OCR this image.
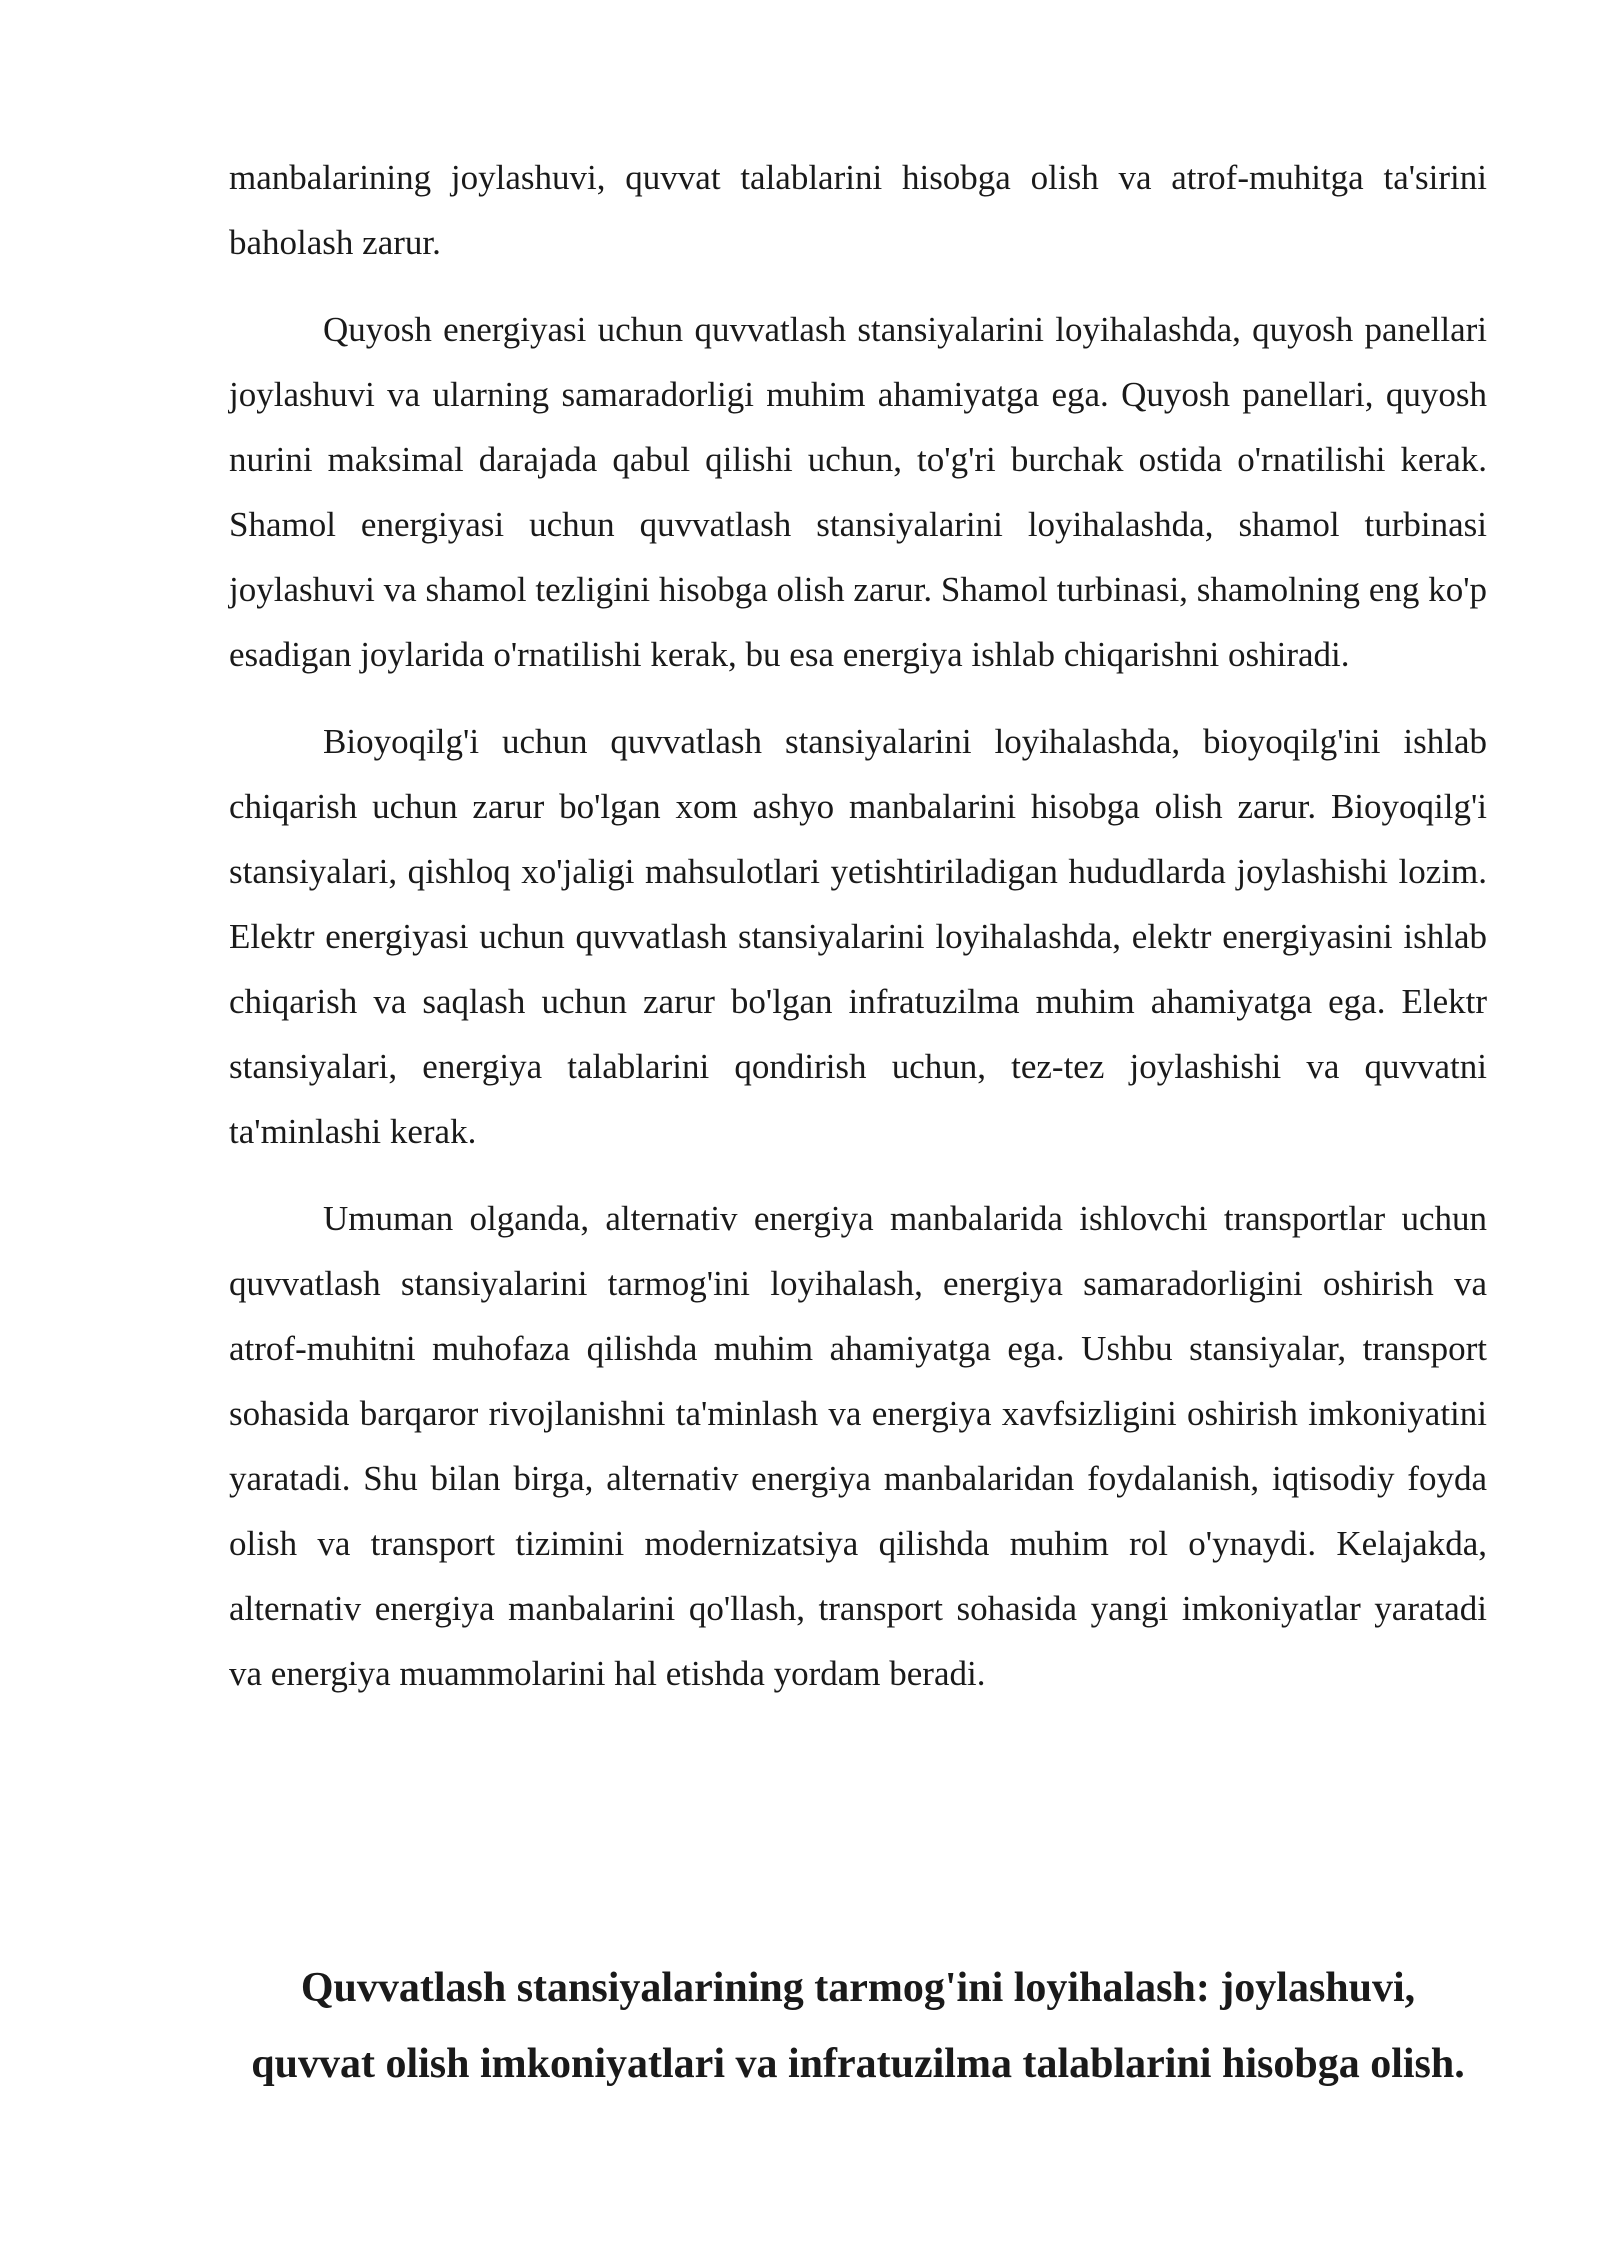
manbalarining joylashuvi, quvvat talablarini hisobga olish va atrof-muhitga ta'sirini baholash zarur.

Quyosh energiyasi uchun quvvatlash stansiyalarini loyihalashda, quyosh panellari joylashuvi va ularning samaradorligi muhim ahamiyatga ega. Quyosh panellari, quyosh nurini maksimal darajada qabul qilishi uchun, to'g'ri burchak ostida o'rnatilishi kerak. Shamol energiyasi uchun quvvatlash stansiyalarini loyihalashda, shamol turbinasi joylashuvi va shamol tezligini hisobga olish zarur. Shamol turbinasi, shamolning eng ko'p esadigan joylarida o'rnatilishi kerak, bu esa energiya ishlab chiqarishni oshiradi.

Bioyoqilg'i uchun quvvatlash stansiyalarini loyihalashda, bioyoqilg'ini ishlab chiqarish uchun zarur bo'lgan xom ashyo manbalarini hisobga olish zarur. Bioyoqilg'i stansiyalari, qishloq xo'jaligi mahsulotlari yetishtiriladigan hududlarda joylashishi lozim. Elektr energiyasi uchun quvvatlash stansiyalarini loyihalashda, elektr energiyasini ishlab chiqarish va saqlash uchun zarur bo'lgan infratuzilma muhim ahamiyatga ega. Elektr stansiyalari, energiya talablarini qondirish uchun, tez-tez joylashishi va quvvatni ta'minlashi kerak.

Umuman olganda, alternativ energiya manbalarida ishlovchi transportlar uchun quvvatlash stansiyalarini tarmog'ini loyihalash, energiya samaradorligini oshirish va atrof-muhitni muhofaza qilishda muhim ahamiyatga ega. Ushbu stansiyalar, transport sohasida barqaror rivojlanishni ta'minlash va energiya xavfsizligini oshirish imkoniyatini yaratadi. Shu bilan birga, alternativ energiya manbalaridan foydalanish, iqtisodiy foyda olish va transport tizimini modernizatsiya qilishda muhim rol o'ynaydi. Kelajakda, alternativ energiya manbalarini qo'llash, transport sohasida yangi imkoniyatlar yaratadi va energiya muammolarini hal etishda yordam beradi.

Quvvatlash stansiyalarining tarmog'ini loyihalash: joylashuvi,
quvvat olish imkoniyatlari va infratuzilma talablarini hisobga olish.
